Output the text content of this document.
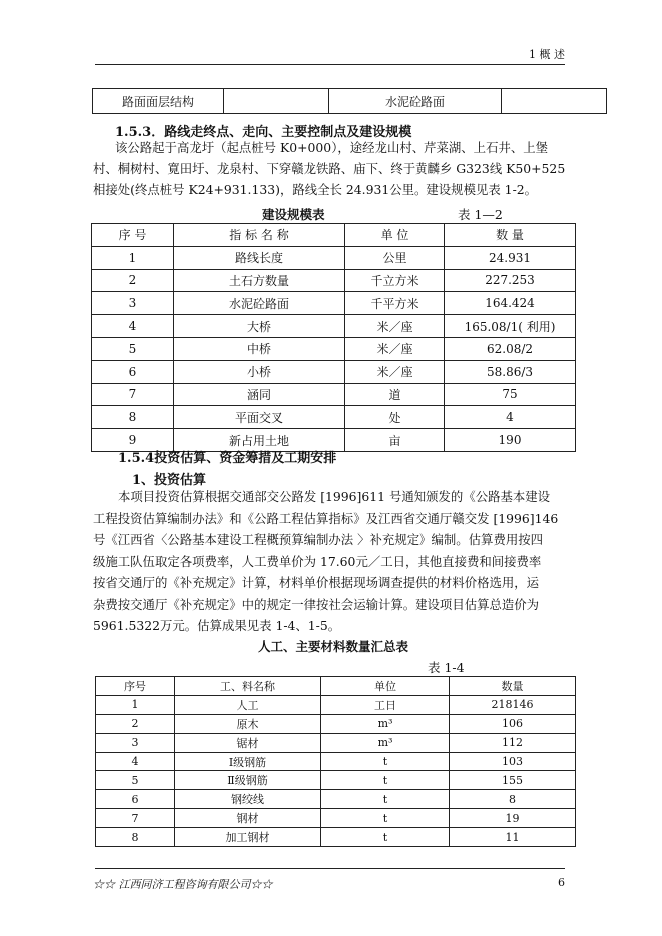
1 概 述
路面面层结构		水泥砼路面	
1.5.3．路线走终点、走向、主要控制点及建设规模
该公路起于高龙圩（起点桩号 K0+000），途经龙山村、芹菜湖、上石井、上堡
村、桐树村、寛田圩、龙泉村、下穿赣龙铁路、庙下、终于黄麟乡 G323线 K50+525
相接处(终点桩号 K24+931.133)，路线全长 24.931公里。建设规模见表 1-2。
建设规模表	表 1—2
序 号	指 标 名 称	单 位	数 量
1	路线长度	公里	24.931
2	土石方数量	千立方米	227.253
3	水泥砼路面	千平方米	164.424
4	大桥	米／座	165.08/1( 利用)
5	中桥	米／座	62.08/2
6	小桥	米／座	58.86/3
7	涵同	道	75
8	平面交叉	处	4
9	新占用土地	亩	190
1.5.4投资估算、资金筹措及工期安排
1、投资估算
本项目投资估算根据交通部交公路发 [1996]611 号通知颁发的《公路基本建设
工程投资估算编制办法》和《公路工程估算指标》及江西省交通厅赣交发 [1996]146
号《江西省〈公路基本建设工程概预算编制办法 〉补充规定》编制。估算费用按四
级施工队伍取定各项费率，人工费单价为 17.60元／工日，其他直接费和间接费率
按省交通厅的《补充规定》计算，材料单价根据现场调查提供的材料价格选用，运
杂费按交通厅《补充规定》中的规定一律按社会运输计算。建设项目估算总造价为
5961.5322万元。估算成果见表 1-4、1-5。
人工、主要材料数量汇总表
表 1-4
序号	工、料名称	单位	数量
1	人工	工日	218146
2	原木	m³	106
3	锯材	m³	112
4	Ⅰ级钢筋	t	103
5	Ⅱ级钢筋	t	155
6	钢绞线	t	8
7	钢材	t	19
8	加工钢材	t	11
☆☆ 江西同济工程咨询有限公司☆☆	6
